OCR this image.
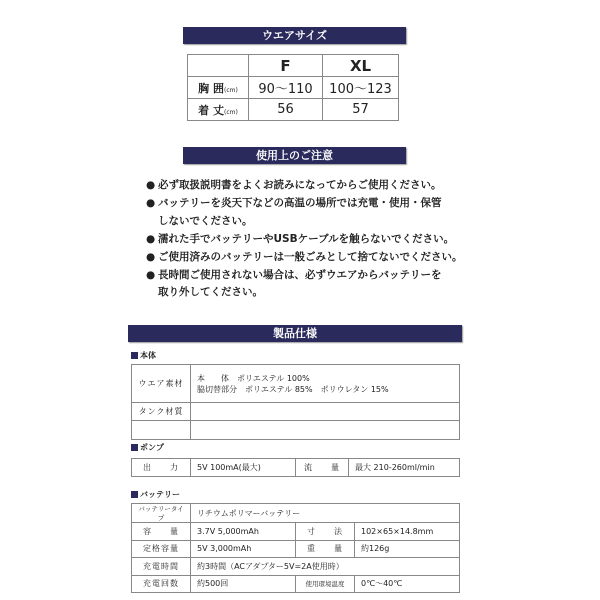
ウエアサイズ
	F	XL
胸 囲(cm)	90〜110	100〜123
着 丈(cm)	56	57
使用上のご注意
● 必ず取扱説明書をよくお読みになってからご使用ください。
● バッテリーを炎天下などの高温の場所では充電・使用・保管
しないでください。
● 濡れた手でバッテリーやUSBケーブルを触らないでください。
● ご使用済みのバッテリーは一般ごみとして捨てないでください。
● 長時間ご使用されない場合は、必ずウエアからバッテリーを
取り外してください。
製品仕様
本体
ウエア素材	本　　体　ポリエステル 100%
脇切替部分　ポリエステル 85%　ポリウレタン 15%

タンク材質	

ポンプ
出　　力	5V 100mA(最大)	流　　量	最大 210-260ml/min
バッテリー
バッテリータイプ	リチウムポリマーバッテリー		
容　　量	3.7V 5,000mAh	寸　　法	102×65×14.8mm
定格容量	5V 3,000mAh	重　　量	約126g
充電時間	約3時間（ACアダプター5V=2A使用時）		
充電回数	約500回	使用環境温度	0℃〜40℃
